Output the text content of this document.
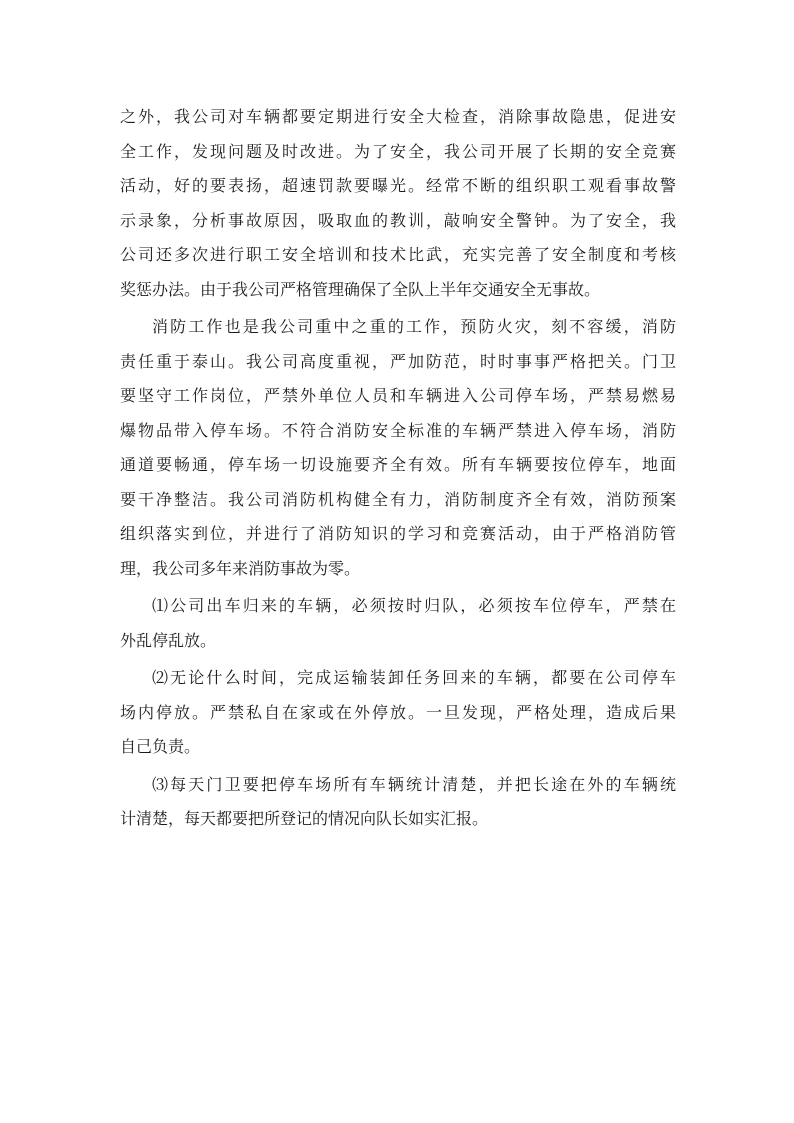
之外，我公司对车辆都要定期进行安全大检查，消除事故隐患，促进安
全工作，发现问题及时改进。为了安全，我公司开展了长期的安全竞赛
活动，好的要表扬，超速罚款要曝光。经常不断的组织职工观看事故警
示录象，分析事故原因，吸取血的教训，敲响安全警钟。为了安全，我
公司还多次进行职工安全培训和技术比武，充实完善了安全制度和考核
奖惩办法。由于我公司严格管理确保了全队上半年交通安全无事故。

消防工作也是我公司重中之重的工作，预防火灾，刻不容缓，消防
责任重于泰山。我公司高度重视，严加防范，时时事事严格把关。门卫
要坚守工作岗位，严禁外单位人员和车辆进入公司停车场，严禁易燃易
爆物品带入停车场。不符合消防安全标准的车辆严禁进入停车场，消防
通道要畅通，停车场一切设施要齐全有效。所有车辆要按位停车，地面
要干净整洁。我公司消防机构健全有力，消防制度齐全有效，消防预案
组织落实到位，并进行了消防知识的学习和竞赛活动，由于严格消防管
理，我公司多年来消防事故为零。

⑴公司出车归来的车辆，必须按时归队，必须按车位停车，严禁在
外乱停乱放。

⑵无论什么时间，完成运输装卸任务回来的车辆，都要在公司停车
场内停放。严禁私自在家或在外停放。一旦发现，严格处理，造成后果
自己负责。

⑶每天门卫要把停车场所有车辆统计清楚，并把长途在外的车辆统
计清楚，每天都要把所登记的情况向队长如实汇报。
